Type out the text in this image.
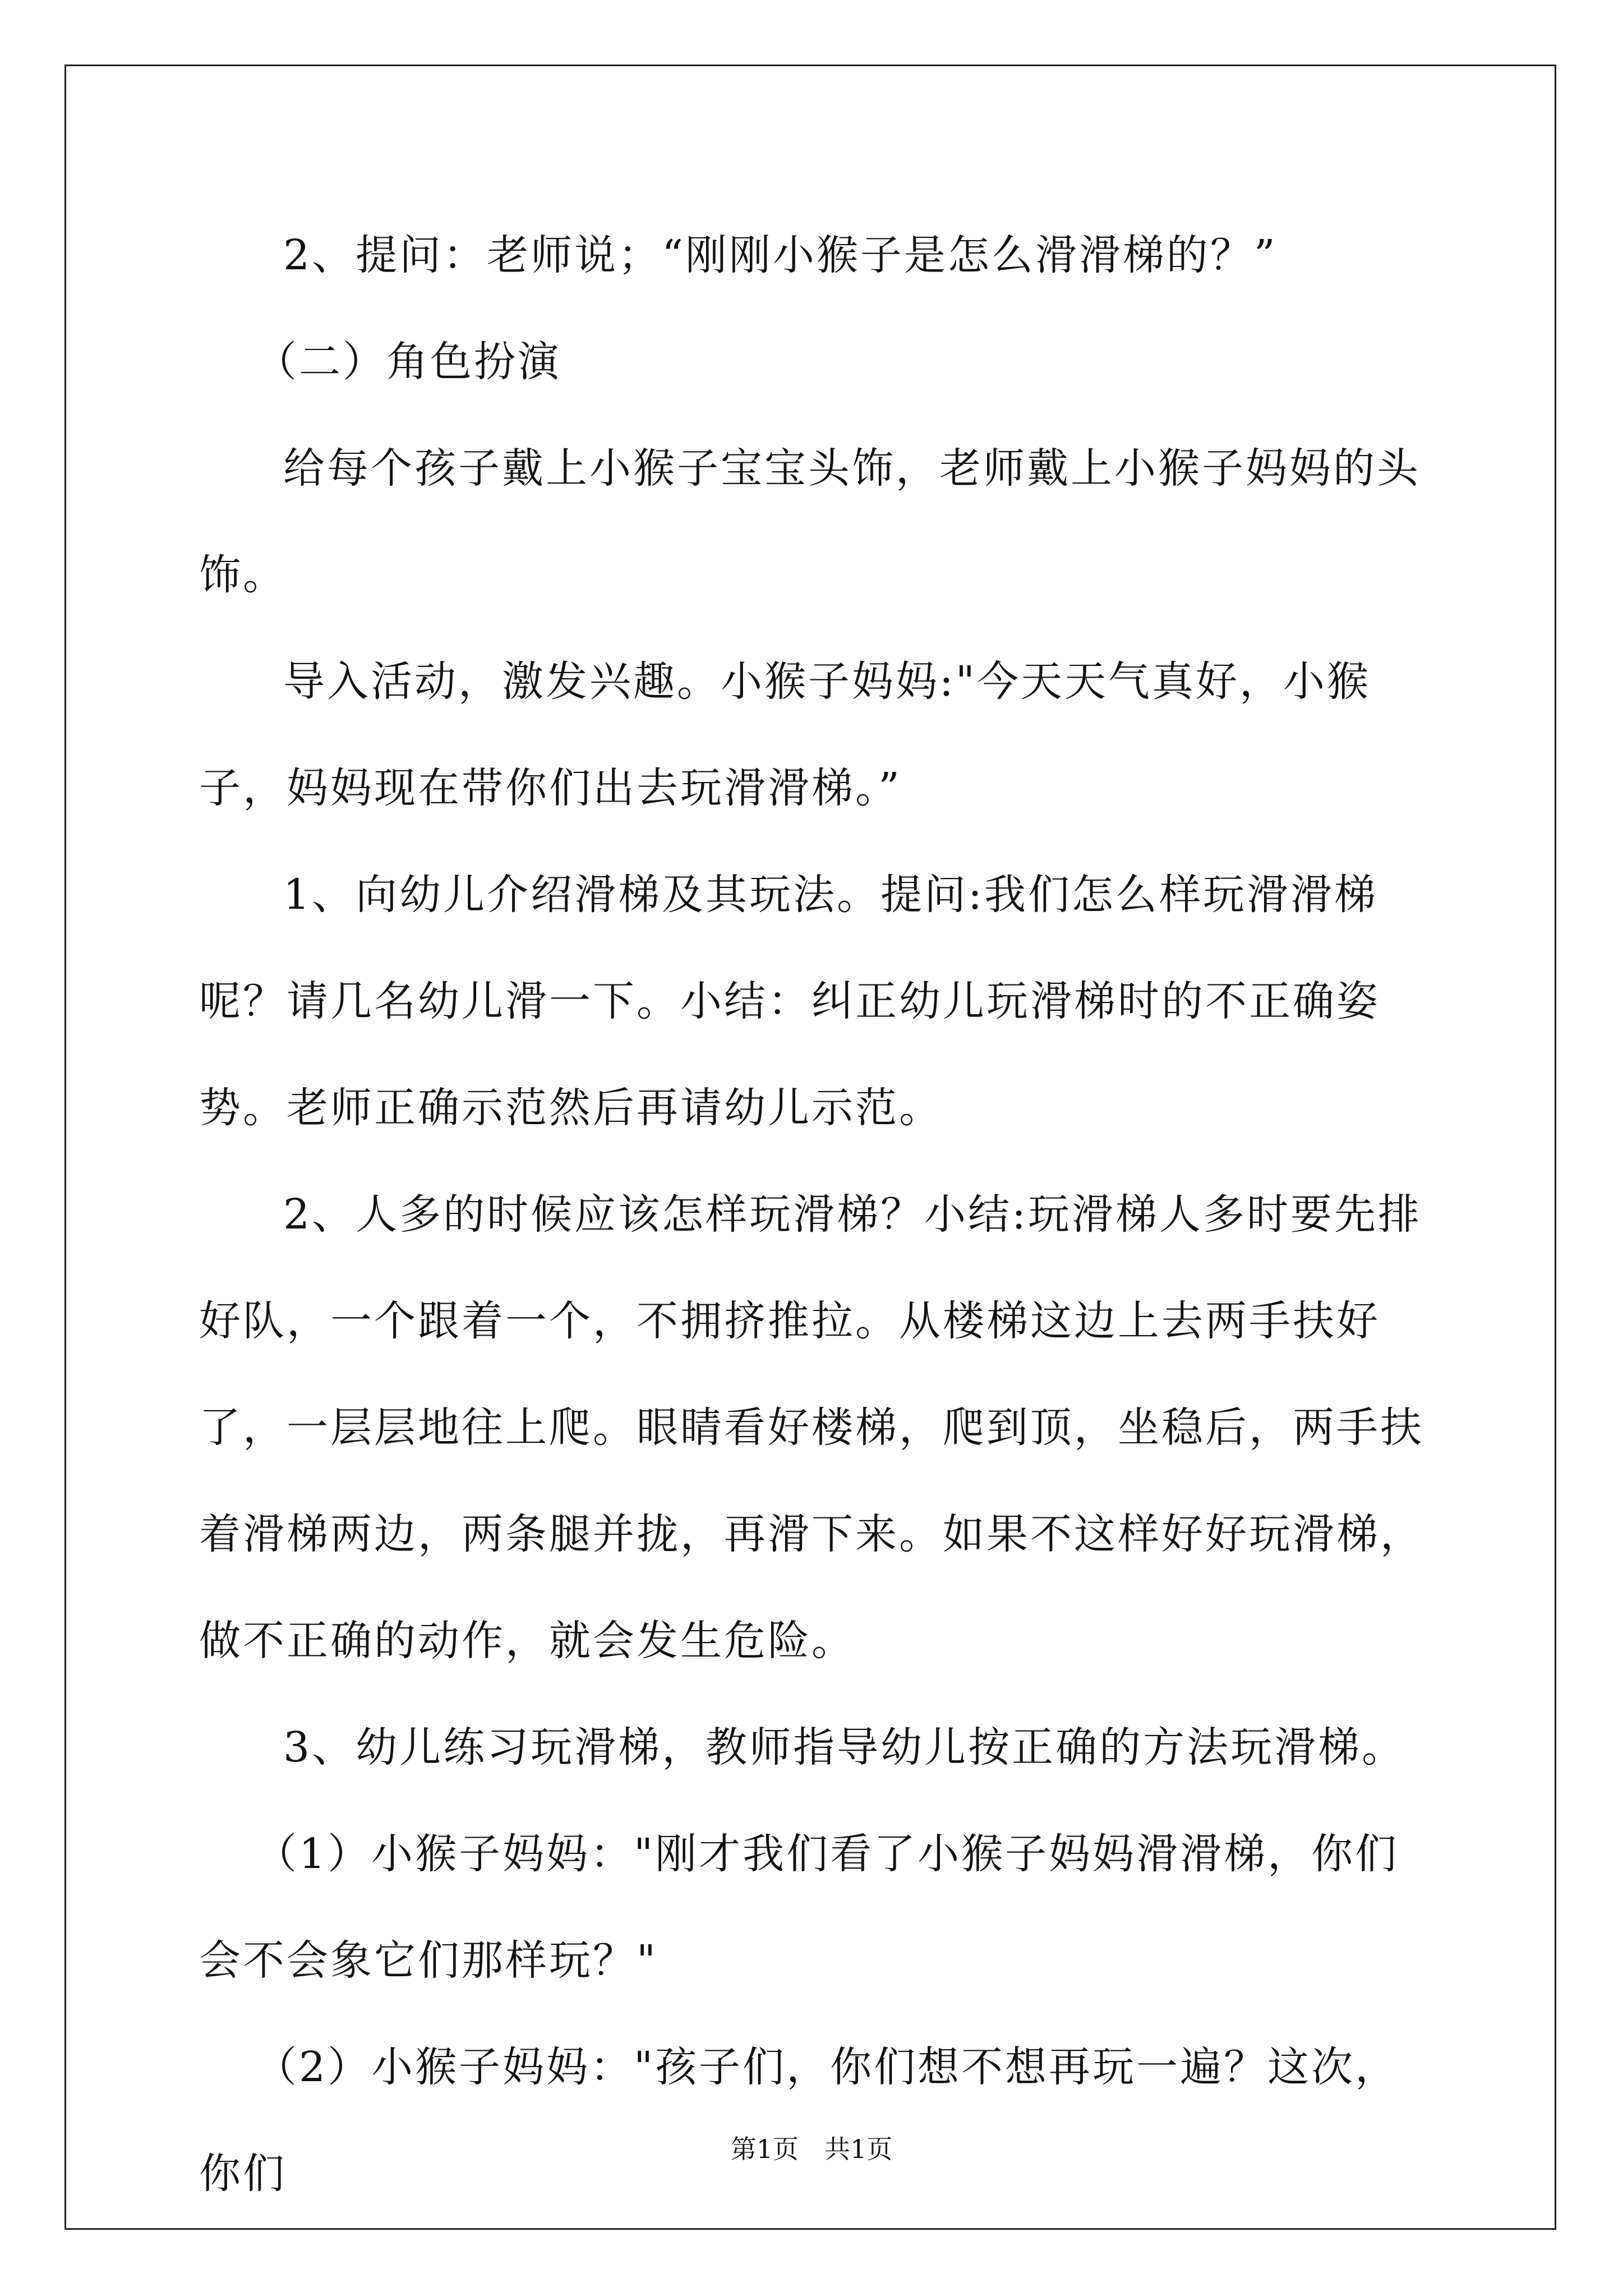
2、提问：老师说；“刚刚小猴子是怎么滑滑梯的？”

（二）角色扮演

给每个孩子戴上小猴子宝宝头饰，老师戴上小猴子妈妈的头饰。

导入活动，激发兴趣。小猴子妈妈:"今天天气真好，小猴子，妈妈现在带你们出去玩滑滑梯。”

1、向幼儿介绍滑梯及其玩法。提问:我们怎么样玩滑滑梯呢？请几名幼儿滑一下。小结：纠正幼儿玩滑梯时的不正确姿势。老师正确示范然后再请幼儿示范。

2、人多的时候应该怎样玩滑梯？小结:玩滑梯人多时要先排好队，一个跟着一个，不拥挤推拉。从楼梯这边上去两手扶好了，一层层地往上爬。眼睛看好楼梯，爬到顶，坐稳后，两手扶着滑梯两边，两条腿并拢，再滑下来。如果不这样好好玩滑梯，做不正确的动作，就会发生危险。

3、幼儿练习玩滑梯，教师指导幼儿按正确的方法玩滑梯。

（1）小猴子妈妈："刚才我们看了小猴子妈妈滑滑梯，你们会不会象它们那样玩？"

（2）小猴子妈妈："孩子们，你们想不想再玩一遍？这次，你们

第1页　共1页
